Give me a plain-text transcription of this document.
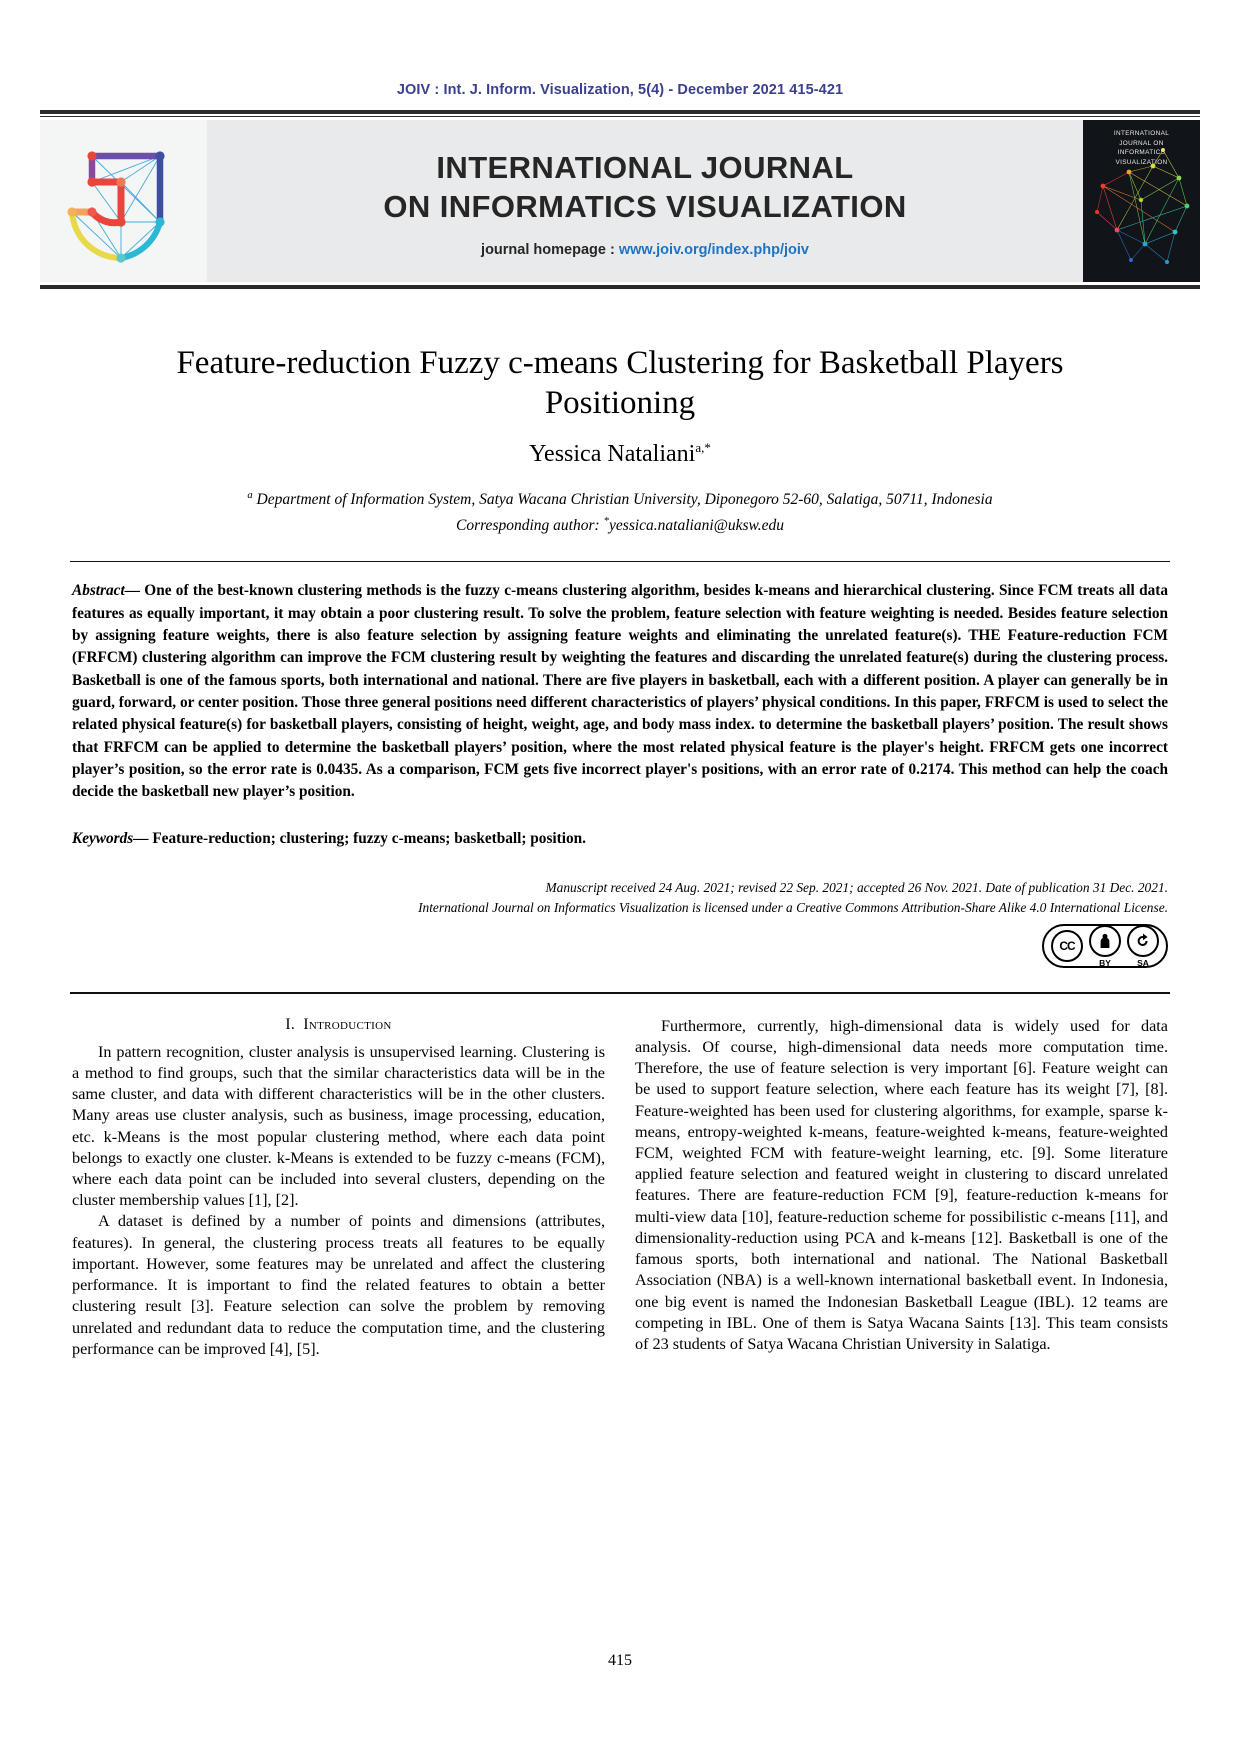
JOIV : Int. J. Inform. Visualization, 5(4) - December 2021 415-421
INTERNATIONAL JOURNAL
ON INFORMATICS VISUALIZATION
journal homepage : www.joiv.org/index.php/joiv
INTERNATIONAL
JOURNAL ON
INFORMATICS
VISUALIZATION
Feature-reduction Fuzzy c-means Clustering for Basketball Players Positioning
Yessica Nataliani$^{a,*}$
$^a$ Department of Information System, Satya Wacana Christian University, Diponegoro 52-60, Salatiga, 50711, Indonesia
Corresponding author: *yessica.nataliani@uksw.edu
Abstract— One of the best-known clustering methods is the fuzzy c-means clustering algorithm, besides k-means and hierarchical clustering. Since FCM treats all data features as equally important, it may obtain a poor clustering result. To solve the problem, feature selection with feature weighting is needed. Besides feature selection by assigning feature weights, there is also feature selection by assigning feature weights and eliminating the unrelated feature(s). THE Feature-reduction FCM (FRFCM) clustering algorithm can improve the FCM clustering result by weighting the features and discarding the unrelated feature(s) during the clustering process. Basketball is one of the famous sports, both international and national. There are five players in basketball, each with a different position. A player can generally be in guard, forward, or center position. Those three general positions need different characteristics of players’ physical conditions. In this paper, FRFCM is used to select the related physical feature(s) for basketball players, consisting of height, weight, age, and body mass index. to determine the basketball players’ position. The result shows that FRFCM can be applied to determine the basketball players’ position, where the most related physical feature is the player's height. FRFCM gets one incorrect player’s position, so the error rate is 0.0435. As a comparison, FCM gets five incorrect player's positions, with an error rate of 0.2174. This method can help the coach decide the basketball new player’s position.
Keywords— Feature-reduction; clustering; fuzzy c-means; basketball; position.
Manuscript received 24 Aug. 2021; revised 22 Sep. 2021; accepted 26 Nov. 2021. Date of publication 31 Dec. 2021.
International Journal on Informatics Visualization is licensed under a Creative Commons Attribution-Share Alike 4.0 International License.
CC
BY	SA
I. Introduction

In pattern recognition, cluster analysis is unsupervised learning. Clustering is a method to find groups, such that the similar characteristics data will be in the same cluster, and data with different characteristics will be in the other clusters. Many areas use cluster analysis, such as business, image processing, education, etc. k-Means is the most popular clustering method, where each data point belongs to exactly one cluster. k-Means is extended to be fuzzy c-means (FCM), where each data point can be included into several clusters, depending on the cluster membership values [1], [2].

A dataset is defined by a number of points and dimensions (attributes, features). In general, the clustering process treats all features to be equally important. However, some features may be unrelated and affect the clustering performance. It is important to find the related features to obtain a better clustering result [3]. Feature selection can solve the problem by removing unrelated and redundant data to reduce the computation time, and the clustering performance can be improved [4], [5].

Furthermore, currently, high-dimensional data is widely used for data analysis. Of course, high-dimensional data needs more computation time. Therefore, the use of feature selection is very important [6]. Feature weight can be used to support feature selection, where each feature has its weight [7], [8]. Feature-weighted has been used for clustering algorithms, for example, sparse k-means, entropy-weighted k-means, feature-weighted k-means, feature-weighted FCM, weighted FCM with feature-weight learning, etc. [9]. Some literature applied feature selection and featured weight in clustering to discard unrelated features. There are feature-reduction FCM [9], feature-reduction k-means for multi-view data [10], feature-reduction scheme for possibilistic c-means [11], and dimensionality-reduction using PCA and k-means [12]. Basketball is one of the famous sports, both international and national. The National Basketball Association (NBA) is a well-known international basketball event. In Indonesia, one big event is named the Indonesian Basketball League (IBL). 12 teams are competing in IBL. One of them is Satya Wacana Saints [13]. This team consists of 23 students of Satya Wacana Christian University in Salatiga.

415
